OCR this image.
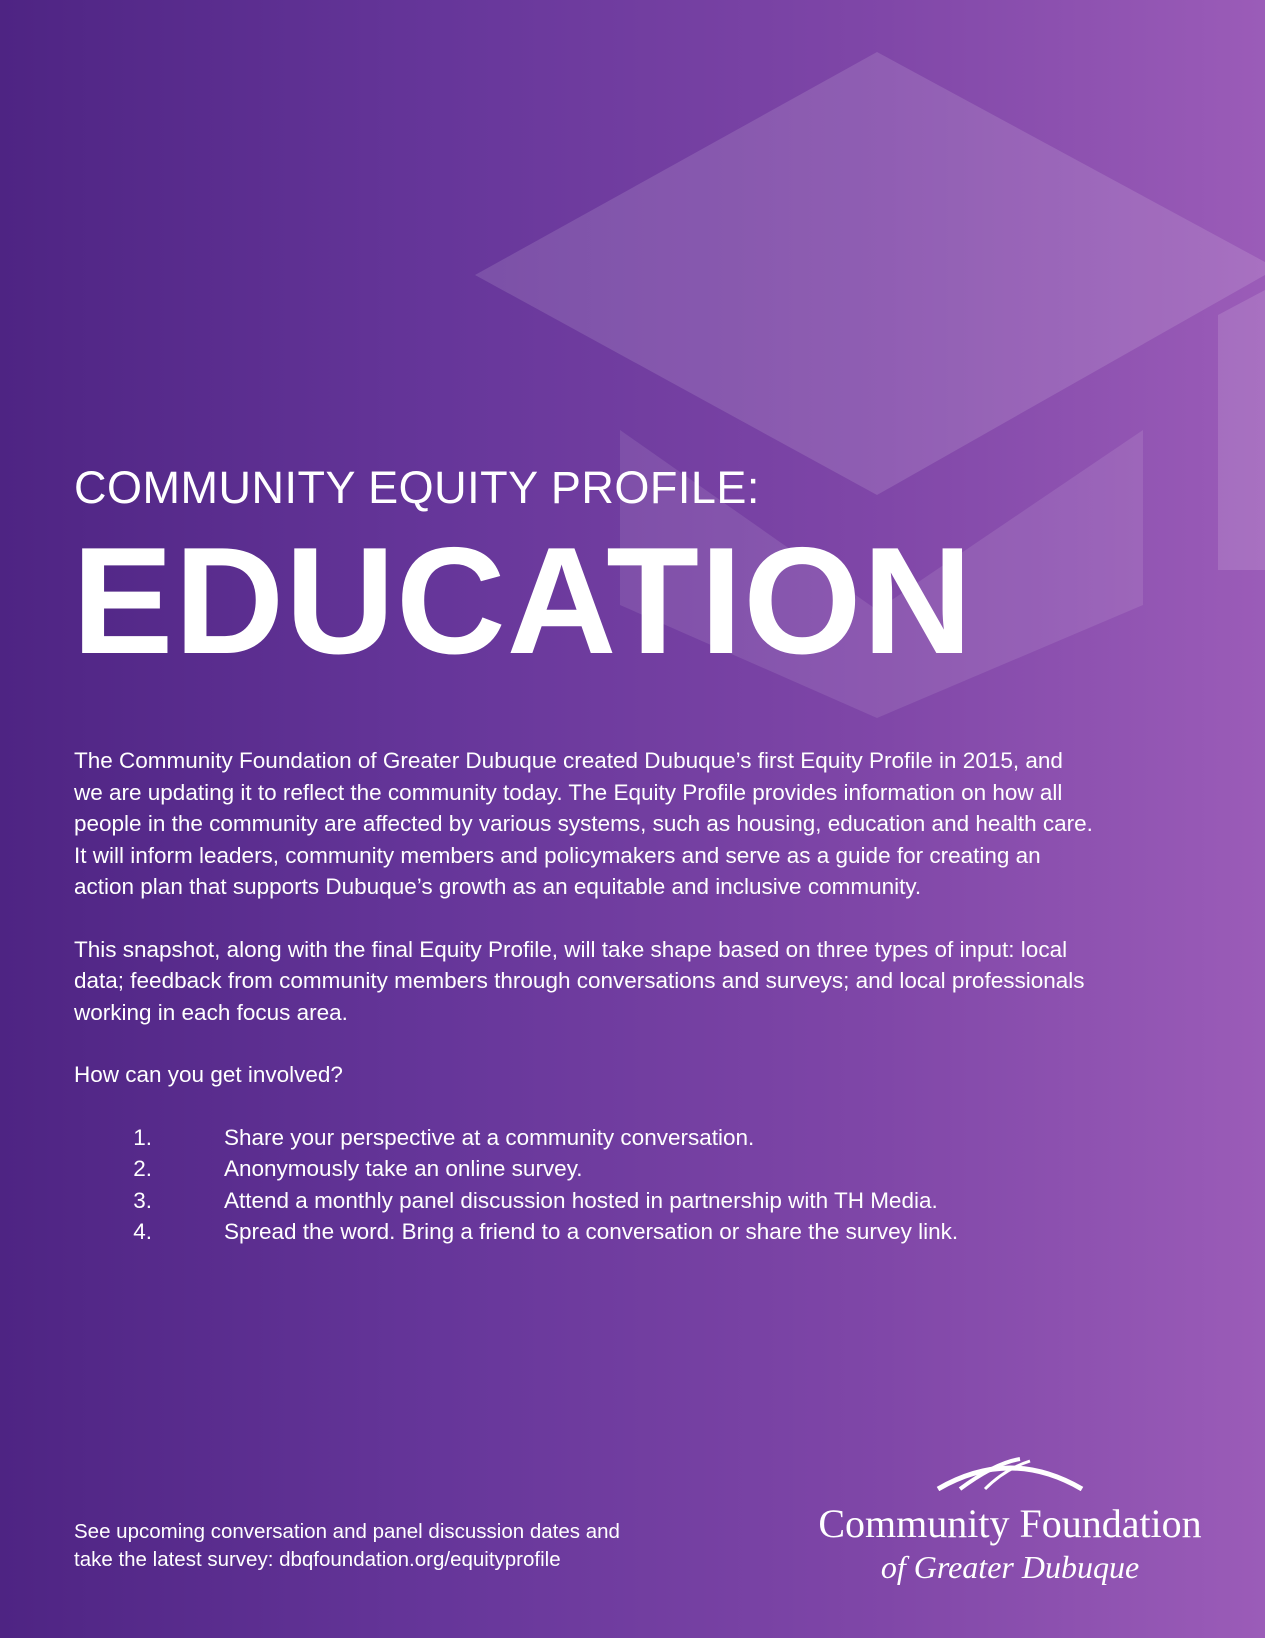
COMMUNITY EQUITY PROFILE:
EDUCATION

The Community Foundation of Greater Dubuque created Dubuque’s first Equity Profile in 2015, and we are updating it to reflect the community today. The Equity Profile provides information on how all people in the community are affected by various systems, such as housing, education and health care. It will inform leaders, community members and policymakers and serve as a guide for creating an action plan that supports Dubuque’s growth as an equitable and inclusive community.

This snapshot, along with the final Equity Profile, will take shape based on three types of input: local data; feedback from community members through conversations and surveys; and local professionals working in each focus area.

How can you get involved?

1.	Share your perspective at a community conversation.
2.	Anonymously take an online survey.
3.	Attend a monthly panel discussion hosted in partnership with TH Media.
4.	Spread the word. Bring a friend to a conversation or share the survey link.
See upcoming conversation and panel discussion dates and
take the latest survey: dbqfoundation.org/equityprofile
Community Foundation
of Greater Dubuque
